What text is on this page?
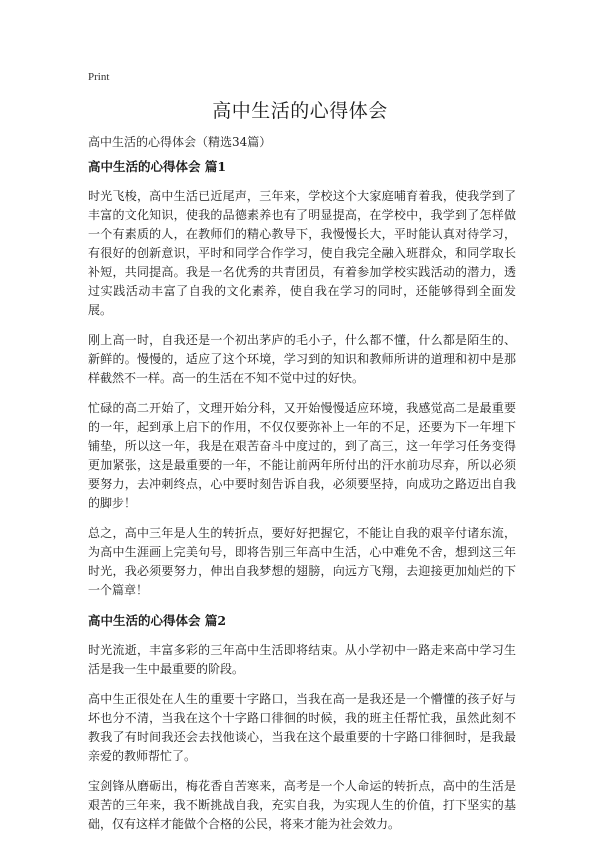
Print
高中生活的心得体会
高中生活的心得体会（精选34篇）
高中生活的心得体会 篇1

时光飞梭，高中生活已近尾声，三年来，学校这个大家庭哺育着我，使我学到了丰富的文化知识，使我的品德素养也有了明显提高，在学校中，我学到了怎样做一个有素质的人，在教师们的精心教导下，我慢慢长大，平时能认真对待学习，有很好的创新意识，平时和同学合作学习，使自我完全融入班群众，和同学取长补短，共同提高。我是一名优秀的共青团员，有着参加学校实践活动的潜力，透过实践活动丰富了自我的文化素养，使自我在学习的同时，还能够得到全面发展。

刚上高一时，自我还是一个初出茅庐的毛小子，什么都不懂，什么都是陌生的、新鲜的。慢慢的，适应了这个环境，学习到的知识和教师所讲的道理和初中是那样截然不一样。高一的生活在不知不觉中过的好快。

忙碌的高二开始了，文理开始分科，又开始慢慢适应环境，我感觉高二是最重要的一年，起到承上启下的作用，不仅仅要弥补上一年的不足，还要为下一年埋下铺垫，所以这一年，我是在艰苦奋斗中度过的，到了高三，这一年学习任务变得更加紧张，这是最重要的一年，不能让前两年所付出的汗水前功尽弃，所以必须要努力，去冲刺终点，心中要时刻告诉自我，必须要坚持，向成功之路迈出自我的脚步！

总之，高中三年是人生的转折点，要好好把握它，不能让自我的艰辛付诸东流，为高中生涯画上完美句号，即将告别三年高中生活，心中难免不舍，想到这三年时光，我必须要努力，伸出自我梦想的翅膀，向远方飞翔，去迎接更加灿烂的下一个篇章！

高中生活的心得体会 篇2

时光流逝，丰富多彩的三年高中生活即将结束。从小学初中一路走来高中学习生活是我一生中最重要的阶段。

高中生正很处在人生的重要十字路口，当我在高一是我还是一个懵懂的孩子好与坏也分不清，当我在这个十字路口徘徊的时候，我的班主任帮忙我，虽然此刻不教我了有时间我还会去找他谈心，当我在这个最重要的十字路口徘徊时，是我最亲爱的教师帮忙了。

宝剑锋从磨砺出，梅花香自苦寒来，高考是一个人命运的转折点，高中的生活是艰苦的三年来，我不断挑战自我，充实自我，为实现人生的价值，打下坚实的基础，仅有这样才能做个合格的公民，将来才能为社会效力。
